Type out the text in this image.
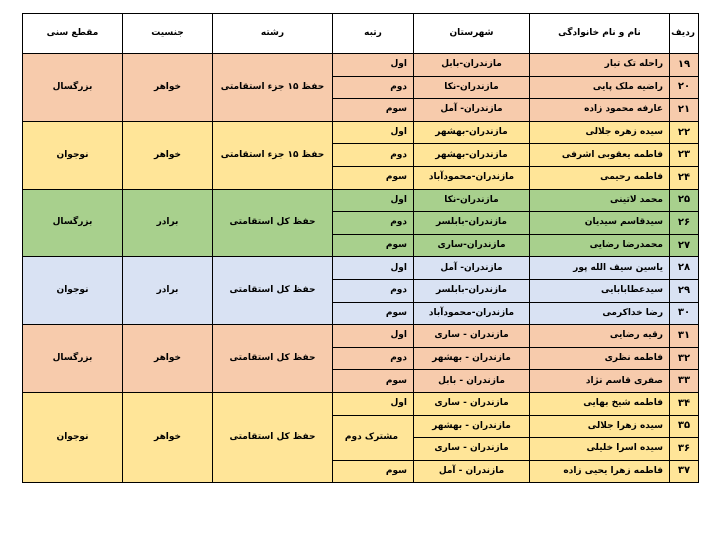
ردیف	نام و نام خانوادگی	شهرستان	رتبه	رشته	جنسیت	مقطع سنی
۱۹	راحله تک تبار	مازندران-بابل	اول	حفظ ۱۵ جزء استقامتی	خواهر	بزرگسال
۲۰	راضیه ملک پایی	مازندران-نکا	دوم			
۲۱	عارفه محمود زاده	مازندران- آمل	سوم			
۲۲	سیده زهره جلالی	مازندران-بهشهر	اول	حفظ ۱۵ جزء استقامتی	خواهر	نوجوان
۲۳	فاطمه یعقوبی اشرفی	مازندران-بهشهر	دوم			
۲۴	فاطمه رحیمی	مازندران-محمودآباد	سوم			
۲۵	محمد لاتینی	مازندران-نکا	اول	حفظ کل استقامتی	برادر	بزرگسال
۲۶	سیدقاسم سیدیان	مازندران-بابلسر	دوم			
۲۷	محمدرضا رضایی	مازندران-ساری	سوم			
۲۸	یاسین سیف الله پور	مازندران- آمل	اول	حفظ کل استقامتی	برادر	نوجوان
۲۹	سیدعطابابایی	مازندران-بابلسر	دوم			
۳۰	رضا خداکرمی	مازندران-محمودآباد	سوم			
۳۱	رقیه رضایی	مازندران - ساری	اول	حفظ کل استقامتی	خواهر	بزرگسال
۳۲	فاطمه نظری	مازندران - بهشهر	دوم			
۳۳	صفری قاسم نژاد	مازندران - بابل	سوم			
۳۴	فاطمه شیخ بهایی	مازندران - ساری	اول	حفظ کل استقامتی	خواهر	نوجوان
۳۵	سیده زهرا جلالی	مازندران - بهشهر	مشترک دوم			
۳۶	سیده اسرا خلیلی	مازندران - ساری				
۳۷	فاطمه زهرا یحیی زاده	مازندران - آمل	سوم			
